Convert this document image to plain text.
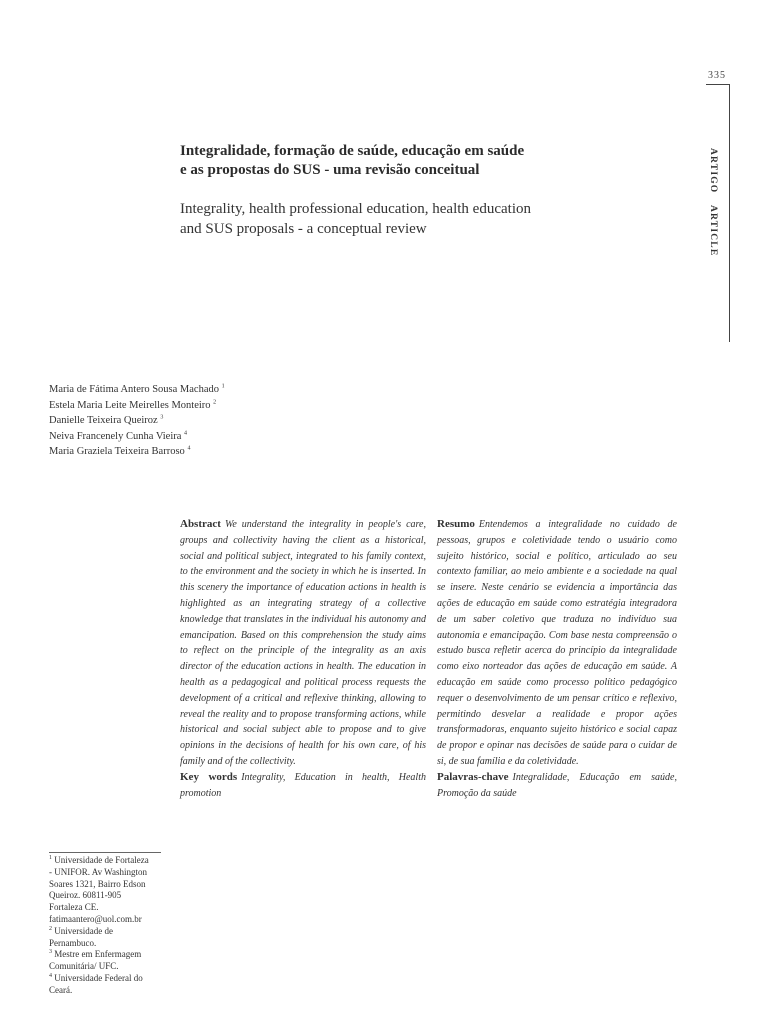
335
ARTIGO ARTICLE
Integralidade, formação de saúde, educação em saúde
e as propostas do SUS - uma revisão conceitual
Integrality, health professional education, health education
and SUS proposals - a conceptual review
Maria de Fátima Antero Sousa Machado $^1$
Estela Maria Leite Meirelles Monteiro $^2$
Danielle Teixeira Queiroz $^3$
Neiva Francenely Cunha Vieira $^4$
Maria Graziela Teixeira Barroso $^4$

Abstract We understand the integrality in people's care, groups and collectivity having the client as a historical, social and political subject, integrated to his family context, to the environment and the society in which he is inserted. In this scenery the importance of education actions in health is highlighted as an integrating strategy of a collective knowledge that translates in the individual his autonomy and emancipation. Based on this comprehension the study aims to reflect on the principle of the integrality as an axis director of the education actions in health. The education in health as a pedagogical and political process requests the development of a critical and reflexive thinking, allowing to reveal the reality and to propose transforming actions, while historical and social subject able to propose and to give opinions in the decisions of health for his own care, of his family and of the collectivity.

Key words Integrality, Education in health, Health promotion

Resumo Entendemos a integralidade no cuidado de pessoas, grupos e coletividade tendo o usuário como sujeito histórico, social e político, articulado ao seu contexto familiar, ao meio ambiente e a sociedade na qual se insere. Neste cenário se evidencia a importância das ações de educação em saúde como estratégia integradora de um saber coletivo que traduza no indivíduo sua autonomia e emancipação. Com base nesta compreensão o estudo busca refletir acerca do princípio da integralidade como eixo norteador das ações de educação em saúde. A educação em saúde como processo político pedagógico requer o desenvolvimento de um pensar crítico e reflexivo, permitindo desvelar a realidade e propor ações transformadoras, enquanto sujeito histórico e social capaz de propor e opinar nas decisões de saúde para o cuidar de si, de sua família e da coletividade.

Palavras-chave Integralidade, Educação em saúde, Promoção da saúde

$^1$ Universidade de Fortaleza
- UNIFOR. Av Washington
Soares 1321, Bairro Edson
Queiroz. 60811-905
Fortaleza CE.
fatimaantero@uol.com.br
$^2$ Universidade de
Pernambuco.
$^3$ Mestre em Enfermagem
Comunitária/ UFC.
$^4$ Universidade Federal do
Ceará.
